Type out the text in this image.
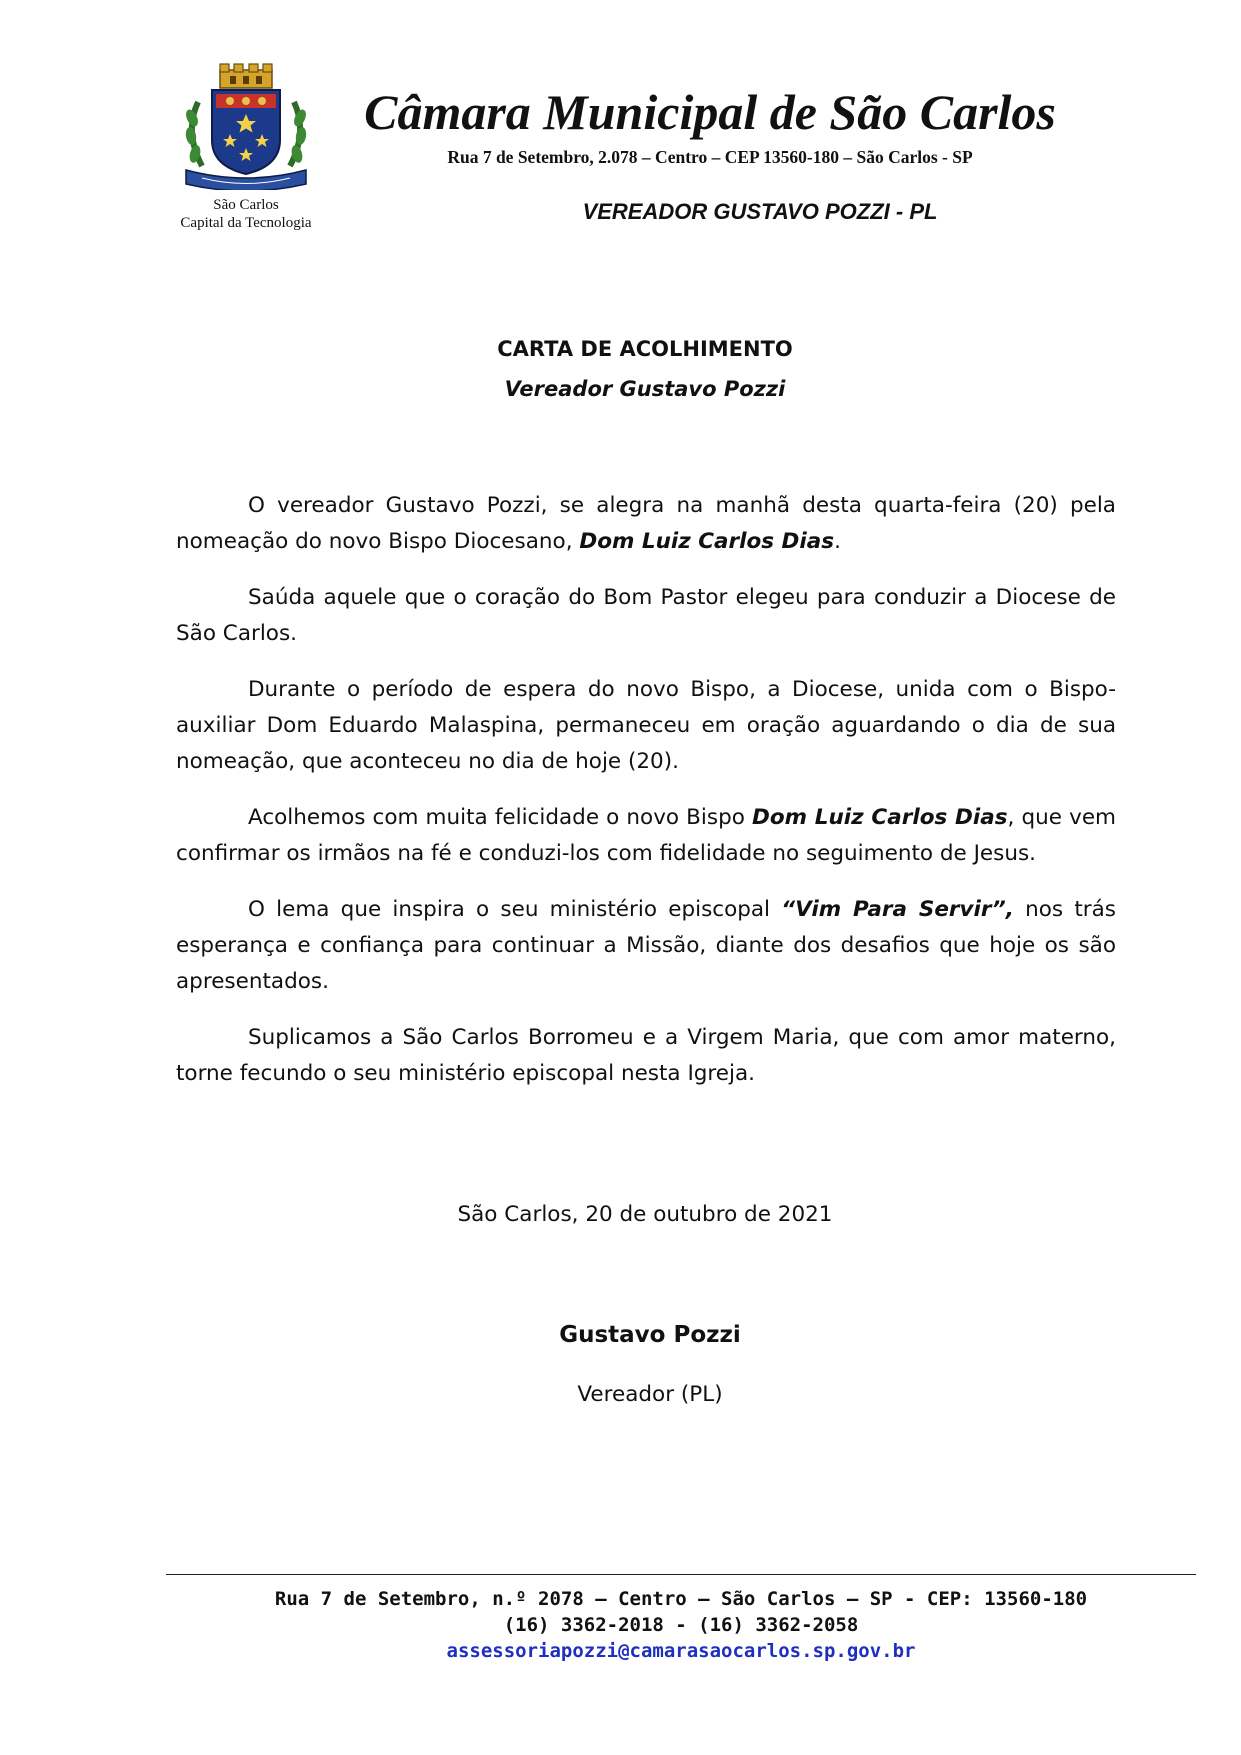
São Carlos
Capital da Tecnologia
Câmara Municipal de São Carlos
Rua 7 de Setembro, 2.078 – Centro – CEP 13560-180 – São Carlos - SP
VEREADOR GUSTAVO POZZI - PL
CARTA DE ACOLHIMENTO
Vereador Gustavo Pozzi

O vereador Gustavo Pozzi, se alegra na manhã desta quarta-feira (20) pela nomeação do novo Bispo Diocesano, Dom Luiz Carlos Dias.

Saúda aquele que o coração do Bom Pastor elegeu para conduzir a Diocese de São Carlos.

Durante o período de espera do novo Bispo, a Diocese, unida com o Bispo-auxiliar Dom Eduardo Malaspina, permaneceu em oração aguardando o dia de sua nomeação, que aconteceu no dia de hoje (20).

Acolhemos com muita felicidade o novo Bispo Dom Luiz Carlos Dias, que vem confirmar os irmãos na fé e conduzi-los com fidelidade no seguimento de Jesus.

O lema que inspira o seu ministério episcopal “Vim Para Servir”, nos trás esperança e confiança para continuar a Missão, diante dos desafios que hoje os são apresentados.

Suplicamos a São Carlos Borromeu e a Virgem Maria, que com amor materno, torne fecundo o seu ministério episcopal nesta Igreja.

São Carlos, 20 de outubro de 2021
Gustavo Pozzi
Vereador (PL)
Rua 7 de Setembro, n.º 2078 – Centro – São Carlos – SP - CEP: 13560-180
(16) 3362-2018 - (16) 3362-2058
assessoriapozzi@camarasaocarlos.sp.gov.br
